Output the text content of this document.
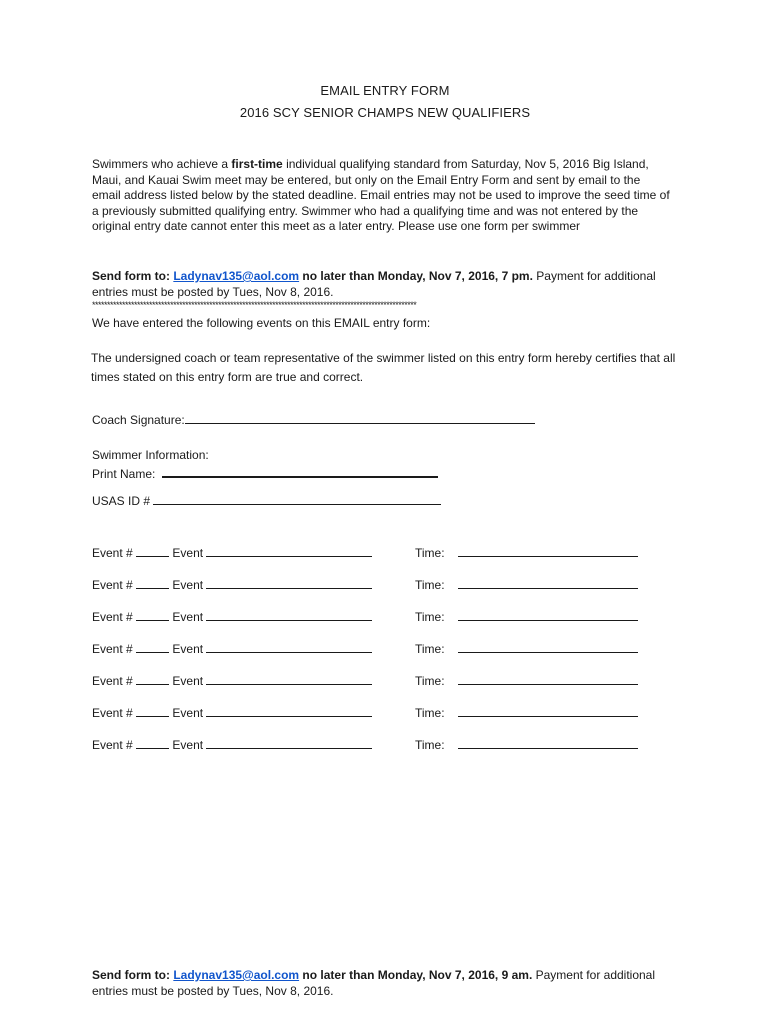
EMAIL ENTRY FORM
2016 SCY SENIOR CHAMPS NEW QUALIFIERS
Swimmers who achieve a first-time individual qualifying standard from Saturday, Nov 5, 2016 Big Island, Maui, and Kauai Swim meet may be entered, but only on the Email Entry Form and sent by email to the email address listed below by the stated deadline. Email entries may not be used to improve the seed time of a previously submitted qualifying entry. Swimmer who had a qualifying time and was not entered by the original entry date cannot enter this meet as a later entry. Please use one form per swimmer
Send form to: Ladynav135@aol.com no later than Monday, Nov 7, 2016, 7 pm. Payment for additional entries must be posted by Tues, Nov 8, 2016.
************************************************************************************************************
We have entered the following events on this EMAIL entry form:
The undersigned coach or team representative of the swimmer listed on this entry form hereby certifies that all times stated on this entry form are true and correct.
Coach Signature:
Swimmer Information:
Print Name:
USAS ID #
Event #	Event	Time:
Event #	Event	Time:
Event #	Event	Time:
Event #	Event	Time:
Event #	Event	Time:
Event #	Event	Time:
Event #	Event	Time:
Send form to: Ladynav135@aol.com no later than Monday, Nov 7, 2016, 9 am. Payment for additional entries must be posted by Tues, Nov 8, 2016.
